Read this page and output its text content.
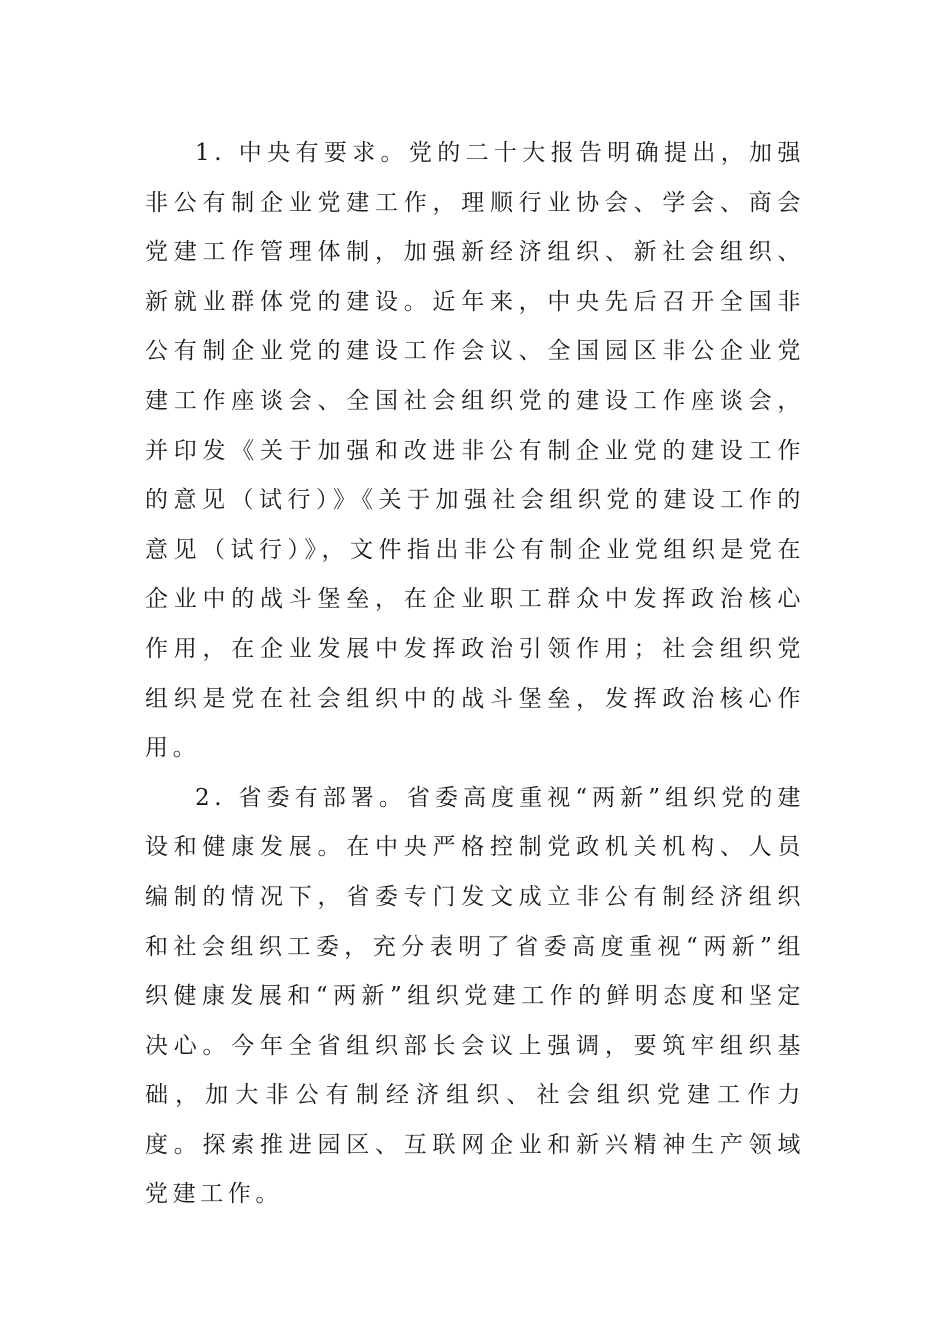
1. 中央有要求。党的二十大报告明确提出，加强非公有制企业党建工作，理顺行业协会、学会、商会党建工作管理体制，加强新经济组织、新社会组织、新就业群体党的建设。近年来，中央先后召开全国非公有制企业党的建设工作会议、全国园区非公企业党建工作座谈会、全国社会组织党的建设工作座谈会，并印发《关于加强和改进非公有制企业党的建设工作的意见（试行）》《关于加强社会组织党的建设工作的意见（试行）》，文件指出非公有制企业党组织是党在企业中的战斗堡垒，在企业职工群众中发挥政治核心作用，在企业发展中发挥政治引领作用；社会组织党组织是党在社会组织中的战斗堡垒，发挥政治核心作用。

2. 省委有部署。省委高度重视“两新”组织党的建设和健康发展。在中央严格控制党政机关机构、人员编制的情况下，省委专门发文成立非公有制经济组织和社会组织工委，充分表明了省委高度重视“两新”组织健康发展和“两新”组织党建工作的鲜明态度和坚定决心。今年全省组织部长会议上强调，要筑牢组织基础，加大非公有制经济组织、社会组织党建工作力度。探索推进园区、互联网企业和新兴精神生产领域党建工作。
